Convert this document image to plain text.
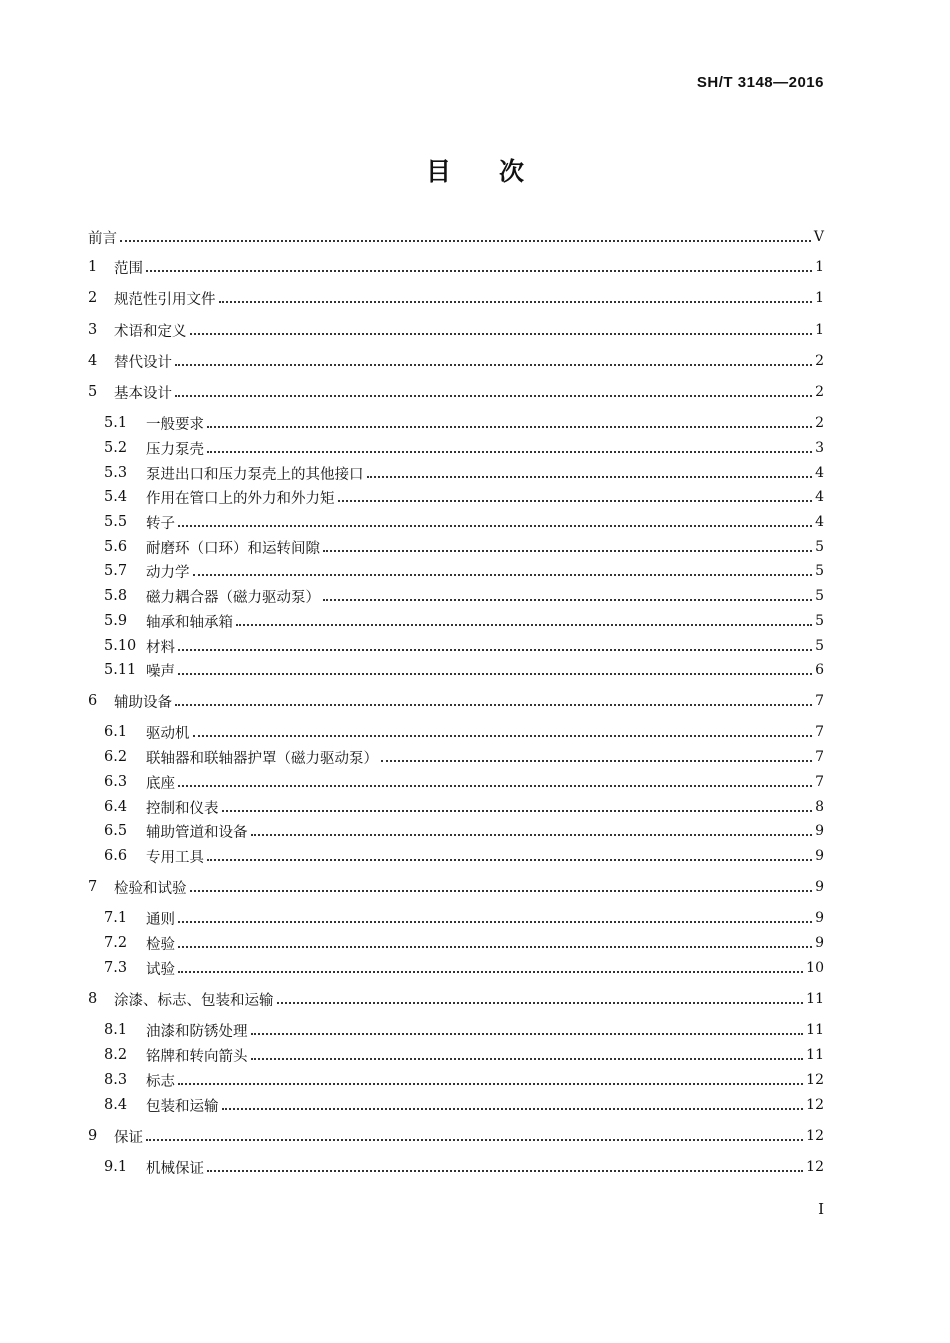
SH/T 3148—2016
目 次
前言	V
1	范围	1
2	规范性引用文件	1
3	术语和定义	1
4	替代设计	2
5	基本设计	2
5.1	一般要求	2
5.2	压力泵壳	3
5.3	泵进出口和压力泵壳上的其他接口	4
5.4	作用在管口上的外力和外力矩	4
5.5	转子	4
5.6	耐磨环（口环）和运转间隙	5
5.7	动力学	5
5.8	磁力耦合器（磁力驱动泵）	5
5.9	轴承和轴承箱	5
5.10 材料	5
5.11 噪声	6
6	辅助设备	7
6.1	驱动机	7
6.2	联轴器和联轴器护罩（磁力驱动泵）	7
6.3	底座	7
6.4	控制和仪表	8
6.5	辅助管道和设备	9
6.6	专用工具	9
7	检验和试验	9
7.1	通则	9
7.2	检验	9
7.3	试验	10
8	涂漆、标志、包装和运输	11
8.1	油漆和防锈处理	11
8.2	铭牌和转向箭头	11
8.3	标志	12
8.4	包装和运输	12
9	保证	12
9.1	机械保证	12
I
